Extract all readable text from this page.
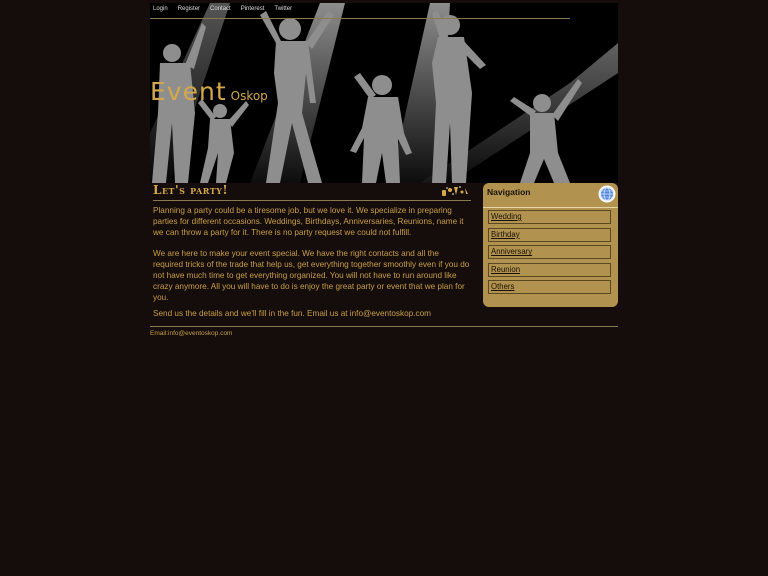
Login Register Contact Pinterest Twitter
Event Oskop
Let's party!

Planning a party could be a tiresome job, but we love it. We specialize in preparing parties for different occasions. Weddings, Birthdays, Anniversaries, Reunions, name it we can throw a party for it. There is no party request we could not fulfill.

We are here to make your event special. We have the right contacts and all the required tricks of the trade that help us, get everything together smoothly even if you do not have much time to get everything organized. You will not have to run around like crazy anymore. All you will have to do is enjoy the great party or event that we plan for you.

Send us the details and we'll fill in the fun. Email us at info@eventoskop.com

Navigation
Wedding
Birthday
Anniversary
Reunion
Others
Email:info@eventoskop.com
